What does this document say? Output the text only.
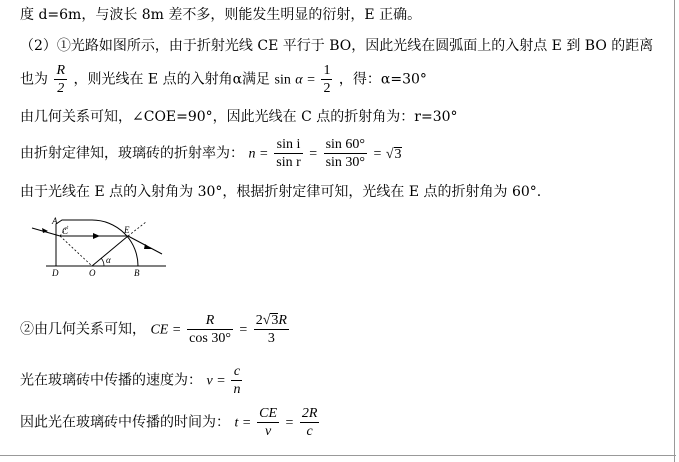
度 d=6m，与波长 8m 差不多，则能发生明显的衍射，E 正确。
（2）①光路如图所示，由于折射光线 CE 平行于 BO，因此光线在圆弧面上的入射点 E 到 BO 的距离
也为 $\frac{R}{2}$ ，则光线在 E 点的入射角α满足 $\sin \alpha = \frac{1}{2}$ ，得：α=30°
由几何关系可知，∠COE=90°，因此光线在 C 点的折射角为：r=30°
由折射定律知，玻璃砖的折射率为： $n = \frac{\text{sin i}}{\text{sin r}} = \frac{\sin 60^\circ}{\sin 30^\circ} = √3$
由于光线在 E 点的入射角为 30°，根据折射定律可知，光线在 E 点的折射角为 60°.
A
C	E
D	O	B
α
②由几何关系可知， CE = $\frac{R}{\cos 30^\circ} = \frac{2√3R}{3}$
光在玻璃砖中传播的速度为： $v = \frac{c}{n}$
因此光在玻璃砖中传播的时间为： $t = \frac{CE}{v} = \frac{2R}{c}$
